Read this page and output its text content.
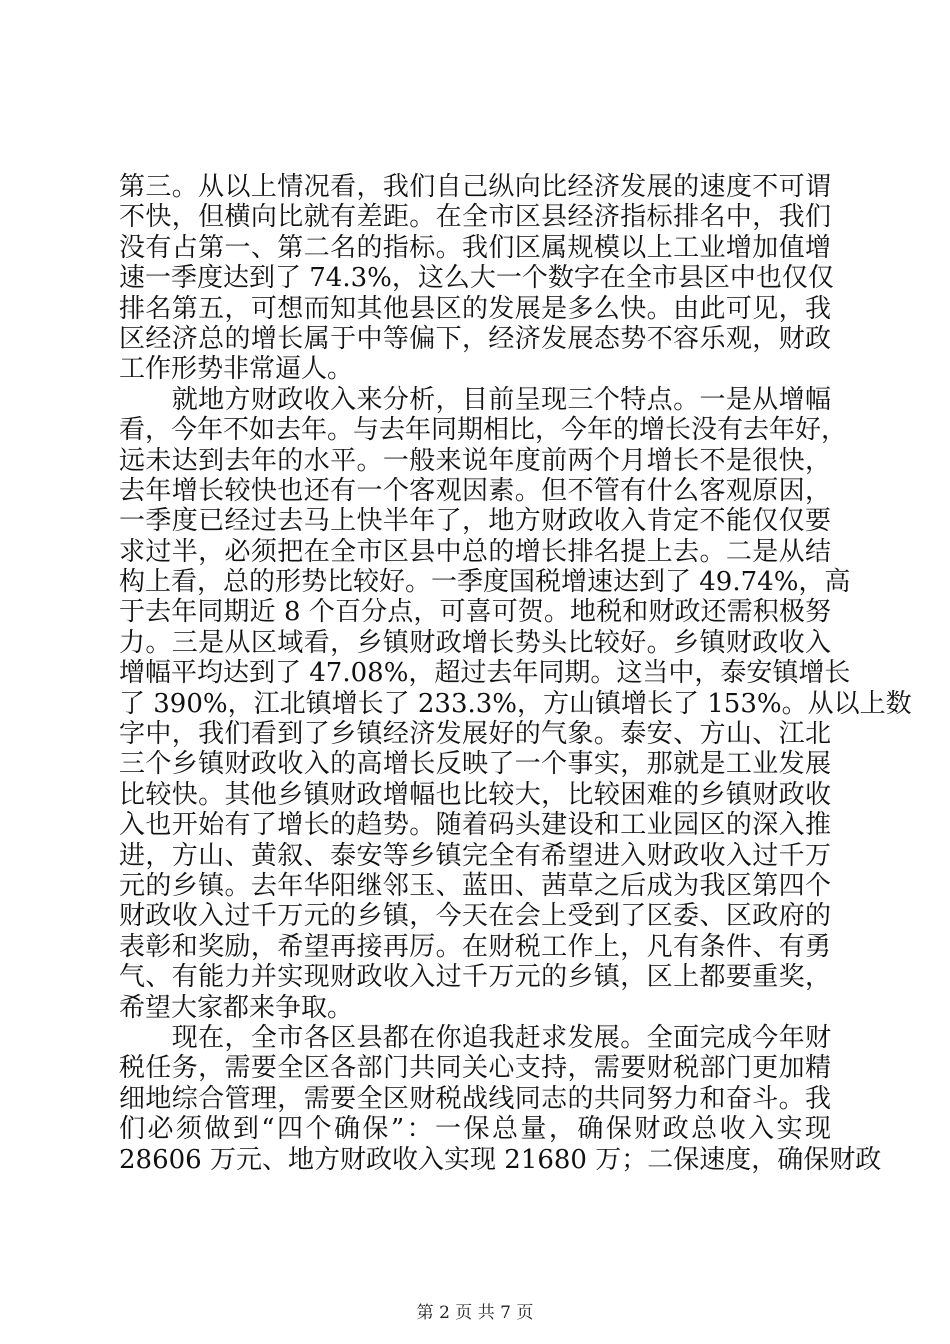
第三。从以上情况看，我们自己纵向比经济发展的速度不可谓
不快，但横向比就有差距。在全市区县经济指标排名中，我们
没有占第一、第二名的指标。我们区属规模以上工业增加值增
速一季度达到了 74.3%，这么大一个数字在全市县区中也仅仅
排名第五，可想而知其他县区的发展是多么快。由此可见，我
区经济总的增长属于中等偏下，经济发展态势不容乐观，财政
工作形势非常逼人。
　　就地方财政收入来分析，目前呈现三个特点。一是从增幅
看，今年不如去年。与去年同期相比，今年的增长没有去年好，
远未达到去年的水平。一般来说年度前两个月增长不是很快，
去年增长较快也还有一个客观因素。但不管有什么客观原因，
一季度已经过去马上快半年了，地方财政收入肯定不能仅仅要
求过半，必须把在全市区县中总的增长排名提上去。二是从结
构上看，总的形势比较好。一季度国税增速达到了 49.74%，高
于去年同期近 8 个百分点，可喜可贺。地税和财政还需积极努
力。三是从区域看，乡镇财政增长势头比较好。乡镇财政收入
增幅平均达到了 47.08%，超过去年同期。这当中，泰安镇增长
了 390%，江北镇增长了 233.3%，方山镇增长了 153%。从以上数
字中，我们看到了乡镇经济发展好的气象。泰安、方山、江北
三个乡镇财政收入的高增长反映了一个事实，那就是工业发展
比较快。其他乡镇财政增幅也比较大，比较困难的乡镇财政收
入也开始有了增长的趋势。随着码头建设和工业园区的深入推
进，方山、黄叙、泰安等乡镇完全有希望进入财政收入过千万
元的乡镇。去年华阳继邻玉、蓝田、茜草之后成为我区第四个
财政收入过千万元的乡镇，今天在会上受到了区委、区政府的
表彰和奖励，希望再接再厉。在财税工作上，凡有条件、有勇
气、有能力并实现财政收入过千万元的乡镇，区上都要重奖，
希望大家都来争取。
　　现在，全市各区县都在你追我赶求发展。全面完成今年财
税任务，需要全区各部门共同关心支持，需要财税部门更加精
细地综合管理，需要全区财税战线同志的共同努力和奋斗。我
们必须做到“四个确保”：一保总量，确保财政总收入实现
28606 万元、地方财政收入实现 21680 万；二保速度，确保财政
第 2 页 共 7 页
